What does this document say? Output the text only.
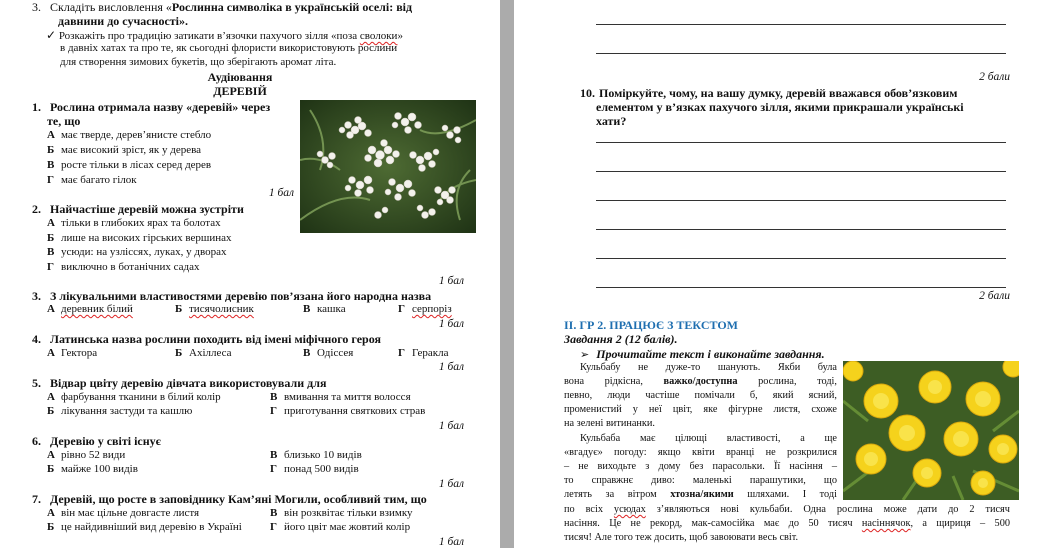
3. Складіть висловлення «Рослинна символіка в українській оселі: від
давнини до сучасності».
✓ Розкажіть про традицію затикати в’язочки пахучого зілля «поза сволоки»
в давніх хатах та про те, як сьогодні флористи використовують рослини
для створення зимових букетів, що зберігають аромат літа.
Аудіювання
ДЕРЕВІЙ
1. Рослина отримала назву «деревій» через
те, що
А має тверде, дерев’янисте стебло
Б має високий зріст, як у дерева
В росте тільки в лісах серед дерев
Г має багато гілок
1 бал
2. Найчастіше деревій можна зустріти
А тільки в глибоких ярах та болотах
Б лише на високих гірських вершинах
В усюди: на узліссях, луках, у дворах
Г виключно в ботанічних садах
1 бал
3. З лікувальними властивостями деревію пов’язана його народна назва
А деревник білий	Б тисячолисник	В кашка	Г серпоріз
1 бал
4. Латинська назва рослини походить від імені міфічного героя
А Гектора	Б Ахіллеса	В Одіссея	Г Геракла
1 бал
5. Відвар цвіту деревію дівчата використовували для
А фарбування тканини в білий колір	В вмивання та миття волосся
Б лікування застуди та кашлю	Г приготування святкових страв
1 бал
6. Деревію у світі існує
А рівно 52 види	В близько 10 видів
Б майже 100 видів	Г понад 500 видів
1 бал
7. Деревій, що росте в заповіднику Кам’яні Могили, особливий тим, що
А він має цільне довгасте листя	В він розквітає тільки взимку
Б це найдивніший вид деревію в Україні	Г його цвіт має жовтий колір
1 бал
2 бали
10. Поміркуйте, чому, на вашу думку, деревій вважався обов’язковим
елементом у в’язках пахучого зілля, якими прикрашали українські
хати?
2 бали
ІІ. ГР 2. ПРАЦЮЄ З ТЕКСТОМ
Завдання 2 (12 балів).
➢ Прочитайте текст і виконайте завдання.
Кульбабу не дуже-то шанують. Якби була
вона рідкісна, важко/доступна рослина, тоді,
певно, люди частіше помічали б, який ясний,
променистий у неї цвіт, яке фігурне листя, схоже
на зелені витинанки.
Кульбаба має цілющі властивості, а ще
«вгадує» погоду: якщо квіти вранці не розкрилися
– не виходьте з дому без парасольки. Її насіння –
то справжнє диво: маленькі парашутики, що
летять за вітром хтозна/якими шляхами. І тоді
по всіх усюдах з’являються нові кульбаби. Одна рослина може дати до 2 тисяч
насіння. Це не рекорд, мак-самосійка має до 50 тисяч насіннячок, а щириця – 500
тисяч! Але того теж досить, щоб завоювати весь світ.
